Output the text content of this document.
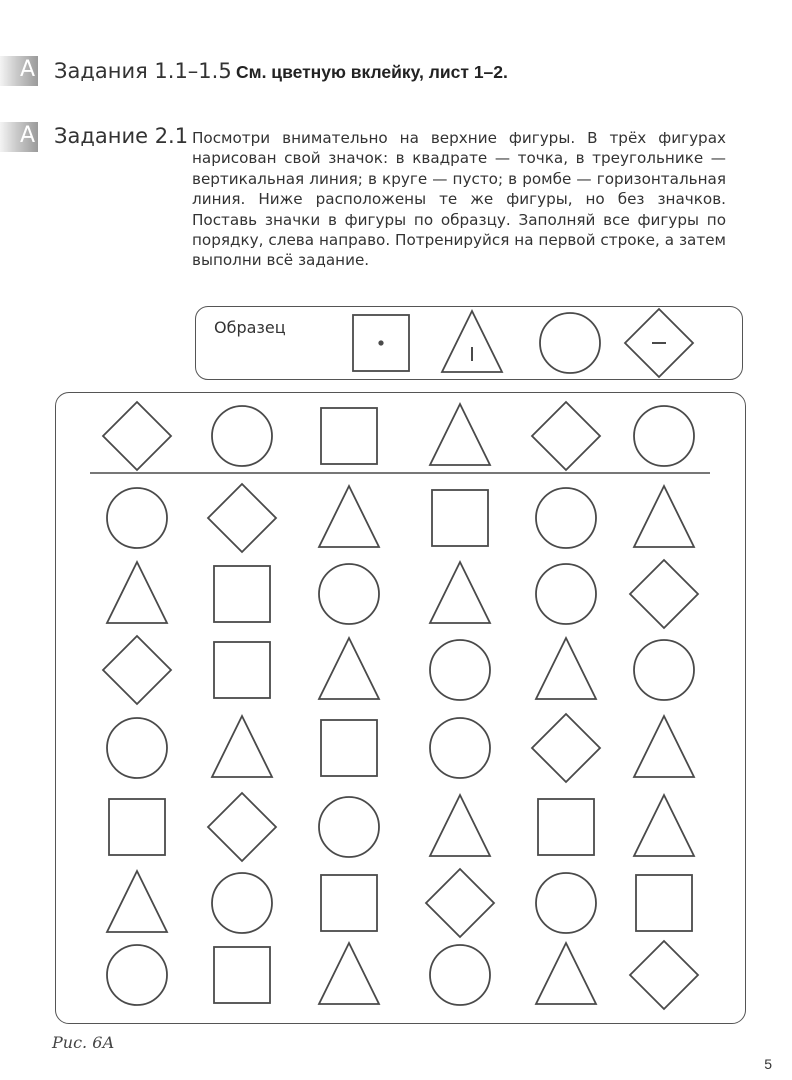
A Задания 1.1–1.5 См. цветную вклейку, лист 1–2.
A Задание 2.1 Посмотри внимательно на верхние фигуры. В трёх фигурах нарисован свой значок: в квадрате — точка, в треугольнике — вертикальная линия; в круге — пусто; в ромбе — горизонтальная линия. Ниже расположены те же фигуры, но без значков. Поставь значки в фигуры по образцу. Заполняй все фигуры по порядку, слева направо. Потренируйся на первой строке, а затем выполни всё задание.

Образец
Рис. 6А
5
